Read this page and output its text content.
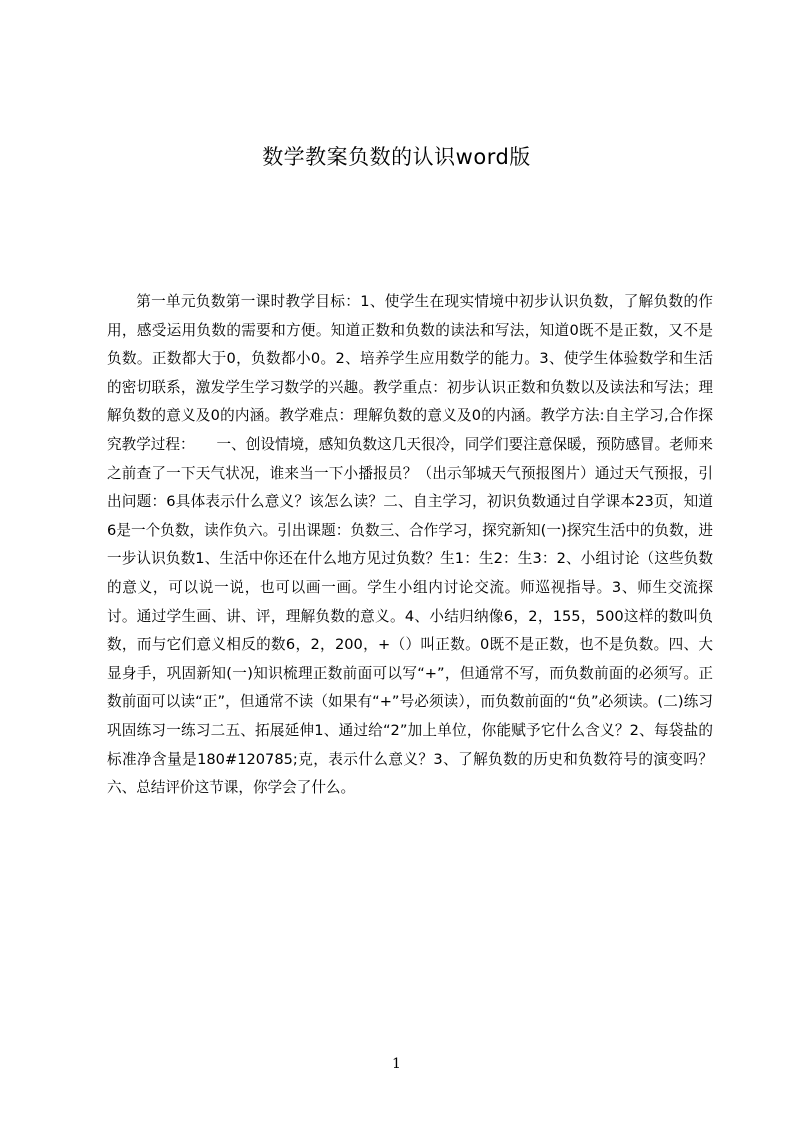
数学教案负数的认识word版

第一单元负数第一课时教学目标：1、使学生在现实情境中初步认识负数，了解负数的作用，感受运用负数的需要和方便。知道正数和负数的读法和写法，知道0既不是正数，又不是负数。正数都大于0，负数都小0。2、培养学生应用数学的能力。3、使学生体验数学和生活的密切联系，激发学生学习数学的兴趣。教学重点：初步认识正数和负数以及读法和写法；理解负数的意义及0的内涵。教学难点：理解负数的意义及0的内涵。教学方法:自主学习,合作探究教学过程：　　一、创设情境，感知负数这几天很冷，同学们要注意保暖，预防感冒。老师来之前查了一下天气状况，谁来当一下小播报员？（出示邹城天气预报图片）通过天气预报，引出问题：6具体表示什么意义？该怎么读？二、自主学习，初识负数通过自学课本23页，知道6是一个负数，读作负六。引出课题：负数三、合作学习，探究新知(一)探究生活中的负数，进一步认识负数1、生活中你还在什么地方见过负数？生1：生2：生3：2、小组讨论（这些负数的意义，可以说一说，也可以画一画。学生小组内讨论交流。师巡视指导。3、师生交流探讨。通过学生画、讲、评，理解负数的意义。4、小结归纳像6，2，155，500这样的数叫负数，而与它们意义相反的数6，2，200，+（）叫正数。0既不是正数，也不是负数。四、大显身手，巩固新知(一)知识梳理正数前面可以写“+”，但通常不写，而负数前面的必须写。正数前面可以读“正”，但通常不读（如果有“+”号必须读），而负数前面的“负”必须读。(二)练习巩固练习一练习二五、拓展延伸1、通过给“2”加上单位，你能赋予它什么含义？2、每袋盐的标准净含量是180#120785;克，表示什么意义？3、了解负数的历史和负数符号的演变吗？六、总结评价这节课，你学会了什么。

1
